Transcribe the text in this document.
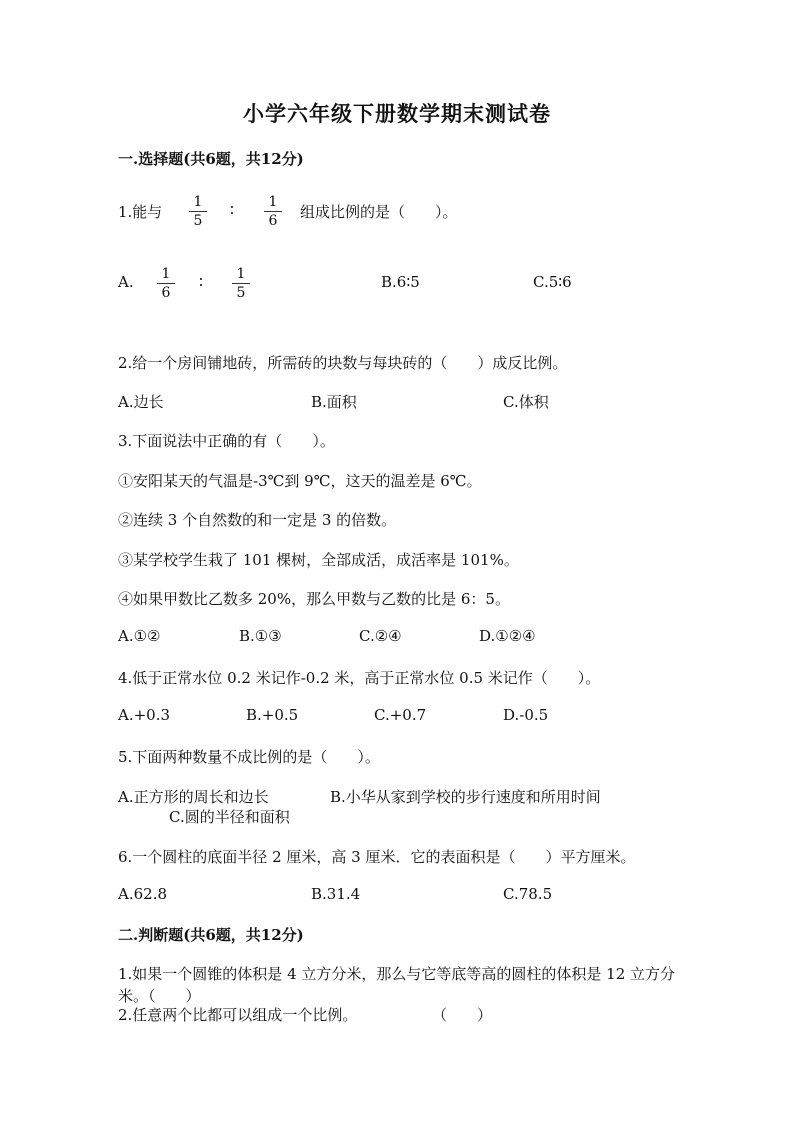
小学六年级下册数学期末测试卷
一.选择题(共6题，共12分)
1.能与
1
5
∶	1
6	组成比例的是（　　）。
A.	1
6
∶	1
5
B.6∶5	C.5∶6
2.给一个房间铺地砖，所需砖的块数与每块砖的（　　）成反比例。
A.边长	B.面积	C.体积
3.下面说法中正确的有（　　）。
①安阳某天的气温是-3℃到 9℃，这天的温差是 6℃。
②连续 3 个自然数的和一定是 3 的倍数。
③某学校学生栽了 101 棵树，全部成活，成活率是 101%。
④如果甲数比乙数多 20%，那么甲数与乙数的比是 6：5。
A.①②	B.①③	C.②④	D.①②④
4.低于正常水位 0.2 米记作-0.2 米，高于正常水位 0.5 米记作（　　）。
A.+0.3	B.+0.5	C.+0.7	D.-0.5
5.下面两种数量不成比例的是（　　）。
A.正方形的周长和边长	B.小华从家到学校的步行速度和所用时间
C.圆的半径和面积
6.一个圆柱的底面半径 2 厘米，高 3 厘米．它的表面积是（　　）平方厘米。
A.62.8	B.31.4	C.78.5
二.判断题(共6题，共12分)
1.如果一个圆锥的体积是 4 立方分米，那么与它等底等高的圆柱的体积是 12 立方分米。（　　）
2.任意两个比都可以组成一个比例。	（　　）
